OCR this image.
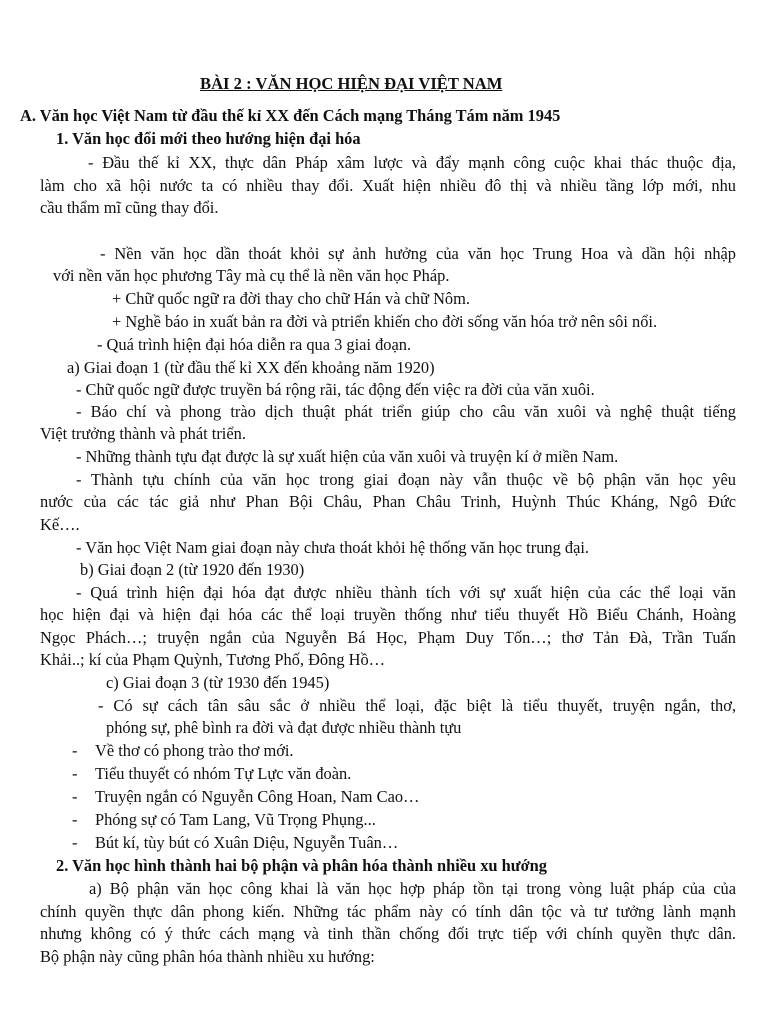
BÀI 2 : VĂN HỌC HIỆN ĐẠI VIỆT NAM

A. Văn học Việt Nam từ đầu thế kỉ XX đến Cách mạng Tháng Tám năm 1945

1. Văn học đổi mới theo hướng hiện đại hóa

- Đầu thế kỉ XX, thực dân Pháp xâm lược và đẩy mạnh công cuộc khai thác thuộc địa,

làm cho xã hội nước ta có nhiều thay đổi. Xuất hiện nhiều đô thị và nhiều tầng lớp mới, nhu

cầu thẩm mĩ cũng thay đổi.

- Nền văn học dần thoát khỏi sự ảnh hưởng của văn học Trung Hoa và dần hội nhập

với nền văn học phương Tây mà cụ thể là nền văn học Pháp.

+ Chữ quốc ngữ ra đời thay cho chữ Hán và chữ Nôm.

+ Nghề báo in xuất bản ra đời và ptriển khiến cho đời sống văn hóa trở nên sôi nổi.

- Quá trình hiện đại hóa diễn ra qua 3 giai đoạn.

a) Giai đoạn 1 (từ đầu thế kỉ XX đến khoảng năm 1920)

- Chữ quốc ngữ được truyền bá rộng rãi, tác động đến việc ra đời của văn xuôi.

- Báo chí và phong trào dịch thuật phát triển giúp cho câu văn xuôi và nghệ thuật tiếng

Việt trưởng thành và phát triển.

- Những thành tựu đạt được là sự xuất hiện của văn xuôi và truyện kí ở miền Nam.

- Thành tựu chính của văn học trong giai đoạn này vẫn thuộc về bộ phận văn học yêu

nước của các tác giả như Phan Bội Châu, Phan Châu Trinh, Huỳnh Thúc Kháng, Ngô Đức

Kế….

- Văn học Việt Nam giai đoạn này chưa thoát khỏi hệ thống văn học trung đại.

b) Giai đoạn 2 (từ 1920 đến 1930)

- Quá trình hiện đại hóa đạt được nhiều thành tích với sự xuất hiện của các thể loại văn

học hiện đại và hiện đại hóa các thể loại truyền thống như tiểu thuyết Hồ Biểu Chánh, Hoàng

Ngọc Phách…; truyện ngắn của Nguyễn Bá Học, Phạm Duy Tốn…; thơ Tản Đà, Trần Tuấn

Khải..; kí của Phạm Quỳnh, Tương Phố, Đông Hồ…

c) Giai đoạn 3 (từ 1930 đến 1945)

- Có sự cách tân sâu sắc ở nhiều thể loại, đặc biệt là tiểu thuyết, truyện ngắn, thơ,

phóng sự, phê bình ra đời và đạt được nhiều thành tựu

- Về thơ có phong trào thơ mới.

- Tiểu thuyết có nhóm Tự Lực văn đoàn.

- Truyện ngắn có Nguyễn Công Hoan, Nam Cao…

- Phóng sự có Tam Lang, Vũ Trọng Phụng...

- Bút kí, tùy bút có Xuân Diệu, Nguyễn Tuân…

2. Văn học hình thành hai bộ phận và phân hóa thành nhiều xu hướng

a) Bộ phận văn học công khai là văn học hợp pháp tồn tại trong vòng luật pháp của của

chính quyền thực dân phong kiến. Những tác phẩm này có tính dân tộc và tư tưởng lành mạnh

nhưng không có ý thức cách mạng và tinh thần chống đối trực tiếp với chính quyền thực dân.

Bộ phận này cũng phân hóa thành nhiều xu hướng:
